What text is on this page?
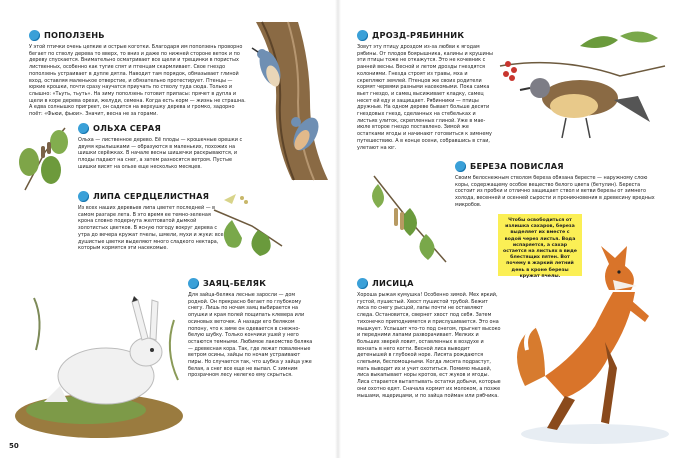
ПОПОЛЗЕНЬ
У этой птички очень цепкие и острые коготки. Благодаря им поползень проворно бегает по стволу дерева то вверх, то вниз и даже по нижней стороне веток и по дереву спускается. Внимательно осматривает все щели и трещинки в пористых лиственных, особенно как тугие спят и птенцам скармливает. Свое гнездо поползень устраивает в дупле дятла. Наводит там порядок, обмазывает глиной вход, оставляя маленькое отверстие, и обязательно протестирует. Птенцы — юркие крошки, почти сразу научатся приучать по стволу туда сюда. Только и слышно: «Тьуть, тьуть». На зиму поползень готовит припасы: прячет в дупла и щели в коре дерева орехи, желуди, семена. Когда есть корм — жизнь не страшна. А едва солнышко пригреет, он садится на верхушку дерева и громко, задорно поёт: «Фьюи, фьюи». Значит, весна не за горами.
ОЛЬХА СЕРАЯ
Ольха — лиственное дерево. Её плоды — крошечные орешки с двумя крылышками — образуются в маленьких, похожих на шишки серёжках. В начале весны шишечки раскрываются, и плоды падают на снег, а затем разносятся ветром. Пустые шишки висят на ольхе еще несколько месяцев.
ЛИПА СЕРДЦЕЛИСТНАЯ
Из всех наших деревьев липа цветет последней — в самом разгаре лета. В это время ее темно-зеленая крона словно подернута желтоватой дымкой золотистых цветков. В ясную погоду вокруг дерева с утра до вечера кружат пчелы, шмели, мухи и жуки: все душистые цветки выделяют много сладкого нектара, которым кормятся эти насекомые.
ЗАЯЦ-БЕЛЯК
Для зайца-беляка лесные заросли — дом родной. Он прекрасно бегает по глубокому снегу. Лишь по ночам заяц выбирается на опушки и края полей пощипать клевера или осиновых веточек. А назади его беляком попону, что к зиме он одевается в снежно-белую шубку. Только кончики ушей у него остаются темными. Любимое лакомство беляка — древесная кора. Так, где лежат поваленные ветром осины, зайцы по ночам устраивают пиры. Но случается так, что шубка у зайца уже белая, а снег все еще не выпал. С зимним прозрачном лесу нелегко ему скрыться.
50
ДРОЗД-РЯБИННИК
Зовут эту птицу дроздом из-за любви к ягодам рябины. От плодов боярышника, калины и крушины эти птицы тоже не откажутся. Это не кочевник с ранней весны. Весной и летом дрозды гнездятся колониями. Гнезда строят из травы, мха и скрепляют землей. Птенцов же своих родители кормят червями разными насекомыми. Пока самка вьет гнездо, и самец высиживает кладку, самец несет ей еду и защищает. Рябинники — птицы дружные. На одном дереве бывает больше десяти гнездовых гнезд, сделанных на стебельках и листьях улиток, скрепленных глиной. Уже в мае-июле второе гнездо поставлено. Зимой же остатками ягоды и начинают готовиться к зимнему путешествию. А в конце осени, собравшись в стаи, улетают на юг.
БЕРЕЗА ПОВИСЛАЯ
Своим белоснежным стволом береза обязана бересте — наружному слою коры, содержащему особое вещество белого цвета (бетулин). Береста состоит из пробки и отлично защищает ствол и ветви березы от зимнего холода, весенней и осенней сырости и проникновения в древесину вредных микробов.
ЛИСИЦА
Хороша рыжая кумушка! Особенно зимой. Мех яркий, густой, пушистый. Хвост пушистой трубой. Бежит лиса по снегу рысцой, лапы почти не оставляют следа. Остановится, свернет хвост под себя. Затем тихонечко приподнимется и прислушивается. Это она мышкует. Услышит что-то под снегом, прыгнет высоко и передними лапами разворачивает. Мелких и больших зверей ловит, оставленных в воздухе и вонзать в него когти. Весной лиса выводит детенышей в глубокой норе. Лисята рождаются слепыми, беспомощными. Когда лисята подрастут, мать выводит их и учит охотиться. Помимо мышей, лиса выкапывает норы кротов, ест жуков и ягоды. Лиса старается вытаптывать остатки добычи, которые они охотно едят. Сначала кормит их молоком, а позже мышами, ящерицами, и по зайца пойман или рябчика.
Чтобы освободиться от излишка сахаров, береза выделяет их вместе с водой через листья. Вода испаряется, а сахар остается на листьях в виде блестящих пятен. Вот почему в жаркий летний день в кроне березы кружат пчелы.
